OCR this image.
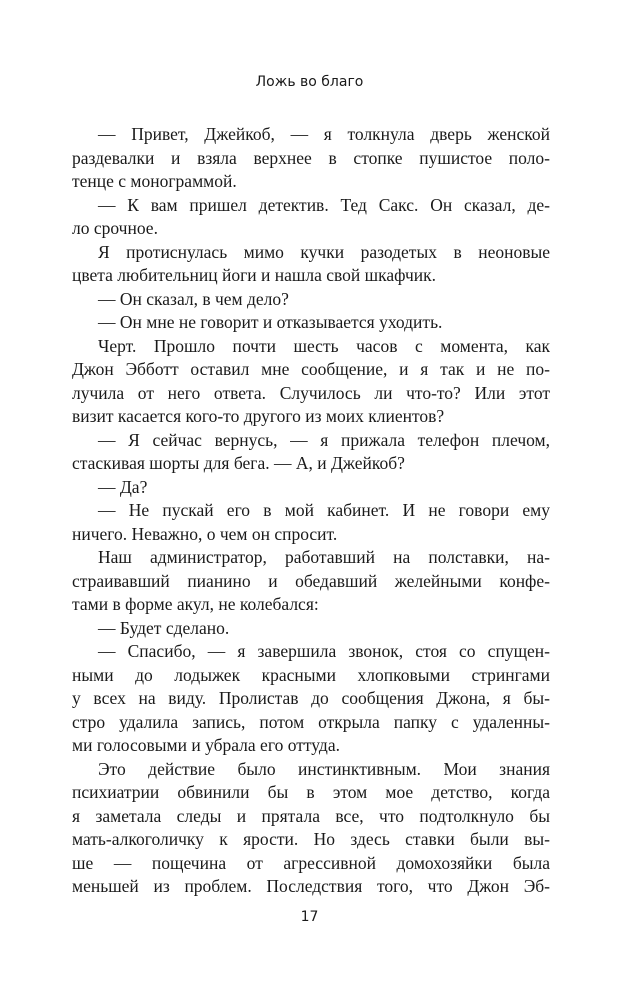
Ложь во благо
— Привет, Джейкоб, — я толкнула дверь женской
раздевалки и взяла верхнее в стопке пушистое поло-
тенце с монограммой.
— К вам пришел детектив. Тед Сакс. Он сказал, де-
ло срочное.
Я протиснулась мимо кучки разодетых в неоновые
цвета любительниц йоги и нашла свой шкафчик.
— Он сказал, в чем дело?
— Он мне не говорит и отказывается уходить.
Черт. Прошло почти шесть часов с момента, как
Джон Эбботт оставил мне сообщение, и я так и не по-
лучила от него ответа. Случилось ли что-то? Или этот
визит касается кого-то другого из моих клиентов?
— Я сейчас вернусь, — я прижала телефон плечом,
стаскивая шорты для бега. — А, и Джейкоб?
— Да?
— Не пускай его в мой кабинет. И не говори ему
ничего. Неважно, о чем он спросит.
Наш администратор, работавший на полставки, на-
страивавший пианино и обедавший желейными конфе-
тами в форме акул, не колебался:
— Будет сделано.
— Спасибо, — я завершила звонок, стоя со спущен-
ными до лодыжек красными хлопковыми стрингами
у всех на виду. Пролистав до сообщения Джона, я бы-
стро удалила запись, потом открыла папку с удаленны-
ми голосовыми и убрала его оттуда.
Это действие было инстинктивным. Мои знания
психиатрии обвинили бы в этом мое детство, когда
я заметала следы и прятала все, что подтолкнуло бы
мать-алкоголичку к ярости. Но здесь ставки были вы-
ше — пощечина от агрессивной домохозяйки была
меньшей из проблем. Последствия того, что Джон Эб-
17
